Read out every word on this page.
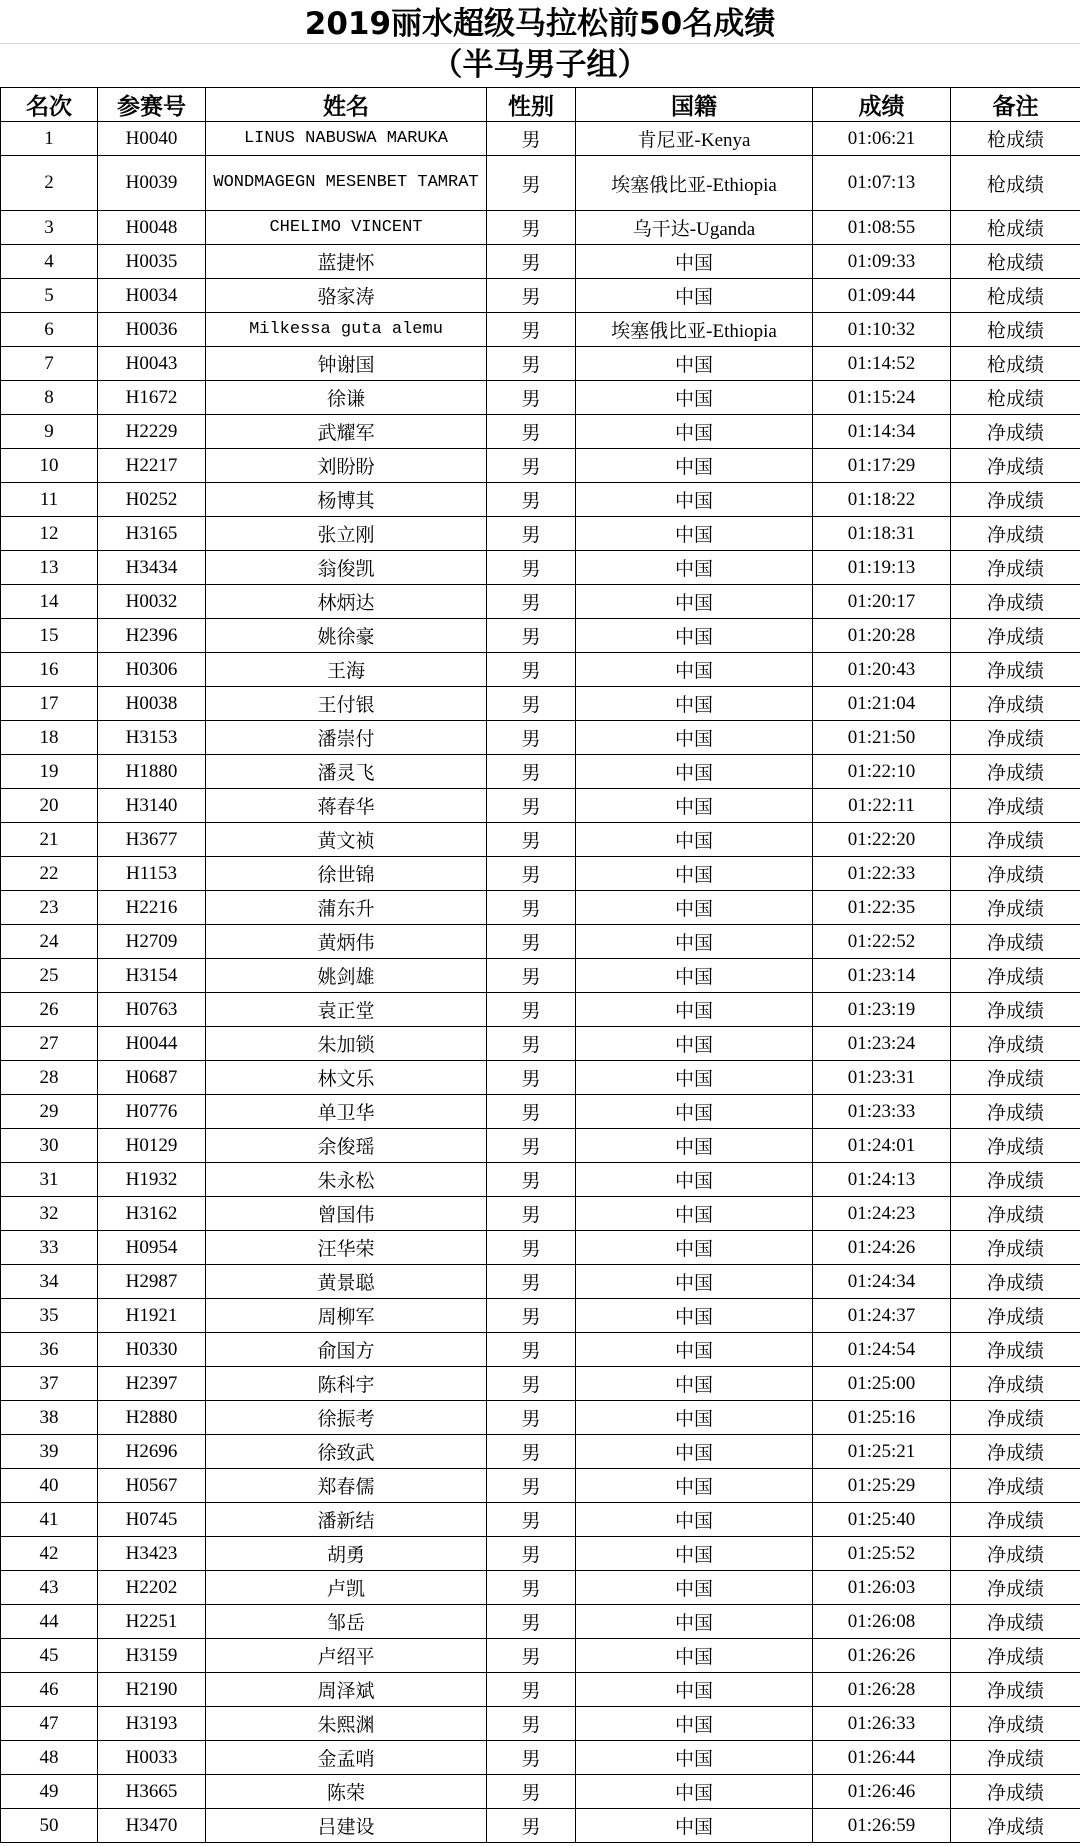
2019丽水超级马拉松前50名成绩
（半马男子组）
名次	参赛号	姓名	性别	国籍	成绩	备注
1	H0040	LINUS NABUSWA MARUKA	男	肯尼亚-Kenya	01:06:21	枪成绩
2	H0039	WONDMAGEGN MESENBET TAMRAT	男	埃塞俄比亚-Ethiopia	01:07:13	枪成绩
3	H0048	CHELIMO VINCENT	男	乌干达-Uganda	01:08:55	枪成绩
4	H0035	蓝捷怀	男	中国	01:09:33	枪成绩
5	H0034	骆家涛	男	中国	01:09:44	枪成绩
6	H0036	Milkessa guta alemu	男	埃塞俄比亚-Ethiopia	01:10:32	枪成绩
7	H0043	钟谢国	男	中国	01:14:52	枪成绩
8	H1672	徐谦	男	中国	01:15:24	枪成绩
9	H2229	武耀军	男	中国	01:14:34	净成绩
10	H2217	刘盼盼	男	中国	01:17:29	净成绩
11	H0252	杨博其	男	中国	01:18:22	净成绩
12	H3165	张立刚	男	中国	01:18:31	净成绩
13	H3434	翁俊凯	男	中国	01:19:13	净成绩
14	H0032	林炳达	男	中国	01:20:17	净成绩
15	H2396	姚徐豪	男	中国	01:20:28	净成绩
16	H0306	王海	男	中国	01:20:43	净成绩
17	H0038	王付银	男	中国	01:21:04	净成绩
18	H3153	潘崇付	男	中国	01:21:50	净成绩
19	H1880	潘灵飞	男	中国	01:22:10	净成绩
20	H3140	蒋春华	男	中国	01:22:11	净成绩
21	H3677	黄文祯	男	中国	01:22:20	净成绩
22	H1153	徐世锦	男	中国	01:22:33	净成绩
23	H2216	蒲东升	男	中国	01:22:35	净成绩
24	H2709	黄炳伟	男	中国	01:22:52	净成绩
25	H3154	姚剑雄	男	中国	01:23:14	净成绩
26	H0763	袁正堂	男	中国	01:23:19	净成绩
27	H0044	朱加锁	男	中国	01:23:24	净成绩
28	H0687	林文乐	男	中国	01:23:31	净成绩
29	H0776	单卫华	男	中国	01:23:33	净成绩
30	H0129	余俊瑶	男	中国	01:24:01	净成绩
31	H1932	朱永松	男	中国	01:24:13	净成绩
32	H3162	曾国伟	男	中国	01:24:23	净成绩
33	H0954	汪华荣	男	中国	01:24:26	净成绩
34	H2987	黄景聪	男	中国	01:24:34	净成绩
35	H1921	周柳军	男	中国	01:24:37	净成绩
36	H0330	俞国方	男	中国	01:24:54	净成绩
37	H2397	陈科宇	男	中国	01:25:00	净成绩
38	H2880	徐振考	男	中国	01:25:16	净成绩
39	H2696	徐致武	男	中国	01:25:21	净成绩
40	H0567	郑春儒	男	中国	01:25:29	净成绩
41	H0745	潘新结	男	中国	01:25:40	净成绩
42	H3423	胡勇	男	中国	01:25:52	净成绩
43	H2202	卢凯	男	中国	01:26:03	净成绩
44	H2251	邹岳	男	中国	01:26:08	净成绩
45	H3159	卢绍平	男	中国	01:26:26	净成绩
46	H2190	周泽斌	男	中国	01:26:28	净成绩
47	H3193	朱熙渊	男	中国	01:26:33	净成绩
48	H0033	金孟哨	男	中国	01:26:44	净成绩
49	H3665	陈荣	男	中国	01:26:46	净成绩
50	H3470	吕建设	男	中国	01:26:59	净成绩
